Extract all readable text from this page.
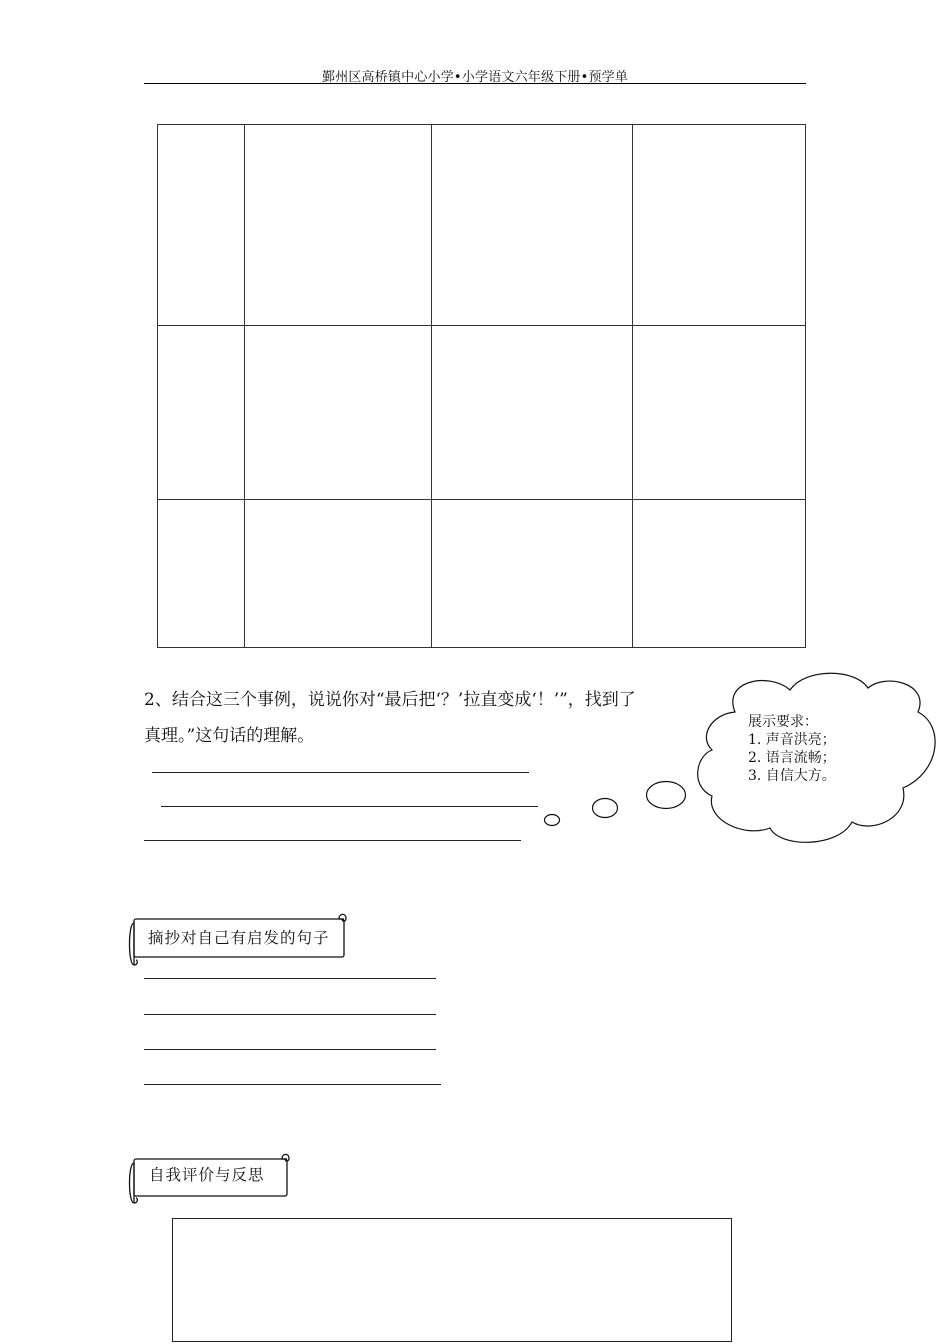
鄞州区高桥镇中心小学•小学语文六年级下册•预学单

2、结合这三个事例，说说你对“最后把‘？’拉直变成‘！’”，找到了
真理。”这句话的理解。
展示要求：
1. 声音洪亮；
2. 语言流畅；
3. 自信大方。
摘抄对自己有启发的句子
自我评价与反思
